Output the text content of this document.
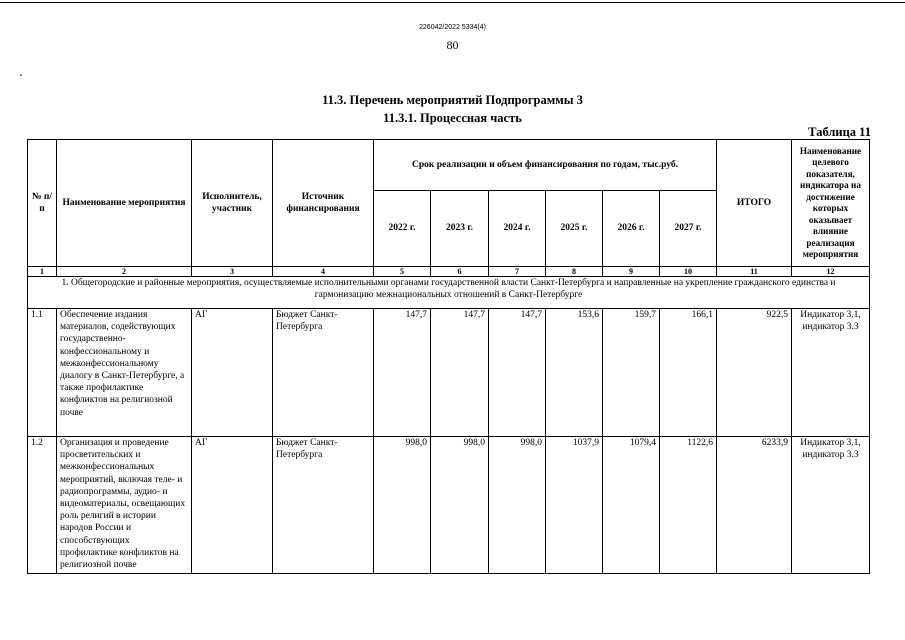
226042/2022 5334(4)
80
11.3. Перечень мероприятий Подпрограммы 3
11.3.1. Процессная часть
Таблица 11
№ п/п	Наименование мероприятия	Исполнитель, участник	Источник финансирования	Срок реализации и объем финансирования по годам, тыс.руб.						ИТОГО	Наименование целевого показателя, индикатора на достижение которых оказывает влияние реализация мероприятия
				2022 г.	2023 г.	2024 г.	2025 г.	2026 г.	2027 г.		
1	2	3	4	5	6	7	8	9	10	11	12
1. Общегородские и районные мероприятия, осуществляемые исполнительными органами государственной власти Санкт-Петербурга и направленные на укрепление гражданского единства и гармонизацию межнациональных отношений в Санкт-Петербурге											
1.1	Обеспечение издания материалов, содействующих государственно-конфессиональному и межконфессиональному диалогу в Санкт-Петербурге, а также профилактике конфликтов на религиозной почве	АГ	Бюджет Санкт-Петербурга	147,7	147,7	147,7	153,6	159,7	166,1	922,5	Индикатор 3.1, индикатор 3.3
1.2	Организация и проведение просветительских и межконфессиональных мероприятий, включая теле- и радиопрограммы, аудио- и видеоматериалы, освещающих роль религий в истории народов России и способствующих профилактике конфликтов на религиозной почве	АГ	Бюджет Санкт-Петербурга	998,0	998,0	998,0	1037,9	1079,4	1122,6	6233,9	Индикатор 3.1, индикатор 3.3
